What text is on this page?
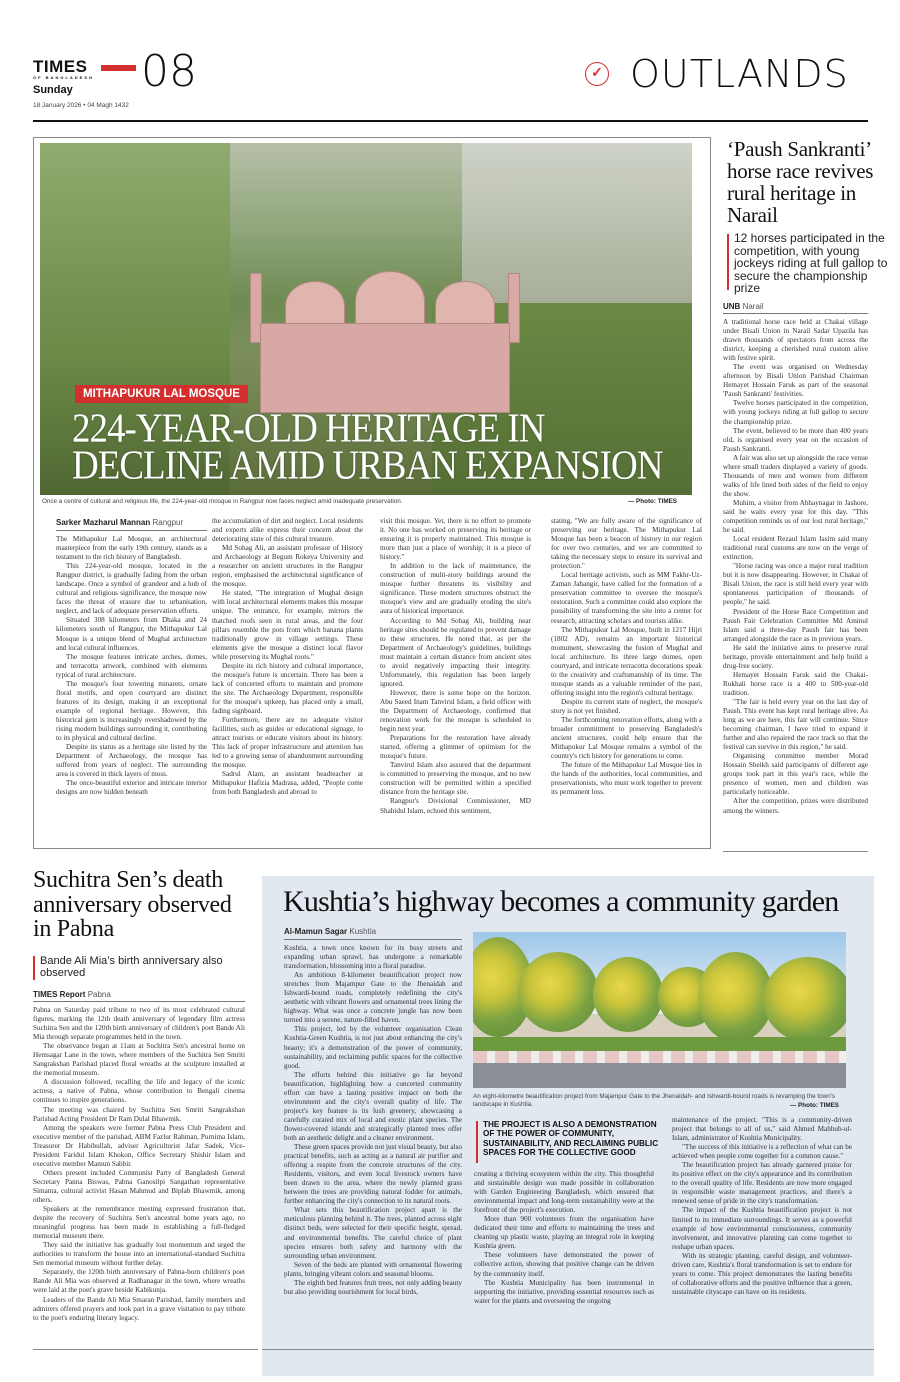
TIMES
OF BANGLADESH 08
Sunday
18 January 2026 • 04 Magh 1432
✓ OUTLANDS
MITHAPUKUR LAL MOSQUE
224-YEAR-OLD HERITAGE IN
DECLINE AMID URBAN EXPANSION
Once a centre of cultural and religious life, the 224-year-old mosque in Rangpur now faces neglect amid inadequate preservation.	— Photo: TIMES
Sarker Mazharul Mannan Rangpur

The Mithapukur Lal Mosque, an architectural masterpiece from the early 19th century, stands as a testament to the rich history of Bangladesh.

This 224-year-old mosque, located in the Rangpur district, is gradually fading from the urban landscape. Once a symbol of grandeur and a hub of cultural and religious significance, the mosque now faces the threat of erasure due to urbanisation, neglect, and lack of adequate preservation efforts.

Situated 308 kilometers from Dhaka and 24 kilometers south of Rangpur, the Mithapukur Lal Mosque is a unique blend of Mughal architecture and local cultural influences.

The mosque features intricate arches, domes, and terracotta artwork, combined with elements typical of rural architecture.

The mosque's four towering minarets, ornate floral motifs, and open courtyard are distinct features of its design, making it an exceptional example of regional heritage. However, this historical gem is increasingly overshadowed by the rising modern buildings surrounding it, contributing to its physical and cultural decline.

Despite its status as a heritage site listed by the Department of Archaeology, the mosque has suffered from years of neglect. The surrounding area is covered in thick layers of moss.

The once-beautiful exterior and intricate interior designs are now hidden beneath

the accumulation of dirt and neglect. Local residents and experts alike express their concern about the deteriorating state of this cultural treasure.

Md Sohag Ali, an assistant professor of History and Archaeology at Begum Rokeya University and a researcher on ancient structures in the Rangpur region, emphasised the architectural significance of the mosque.

He stated, "The integration of Mughal design with local architectural elements makes this mosque unique. The entrance, for example, mirrors the thatched roofs seen in rural areas, and the four pillars resemble the pots from which banana plants traditionally grow in village settings. These elements give the mosque a distinct local flavor while preserving its Mughal roots."

Despite its rich history and cultural importance, the mosque's future is uncertain. There has been a lack of concerted efforts to maintain and promote the site. The Archaeology Department, responsible for the mosque's upkeep, has placed only a small, fading signboard.

Furthermore, there are no adequate visitor facilities, such as guides or educational signage, to attract tourists or educate visitors about its history. This lack of proper infrastructure and attention has led to a growing sense of abandonment surrounding the mosque.

Sadrul Alam, an assistant headteacher at Mithapukur Hafizia Madrasa, added, "People come from both Bangladesh and abroad to

visit this mosque. Yet, there is no effort to promote it. No one has worked on preserving its heritage or ensuring it is properly maintained. This mosque is more than just a place of worship; it is a piece of history."

In addition to the lack of maintenance, the construction of multi-story buildings around the mosque further threatens its visibility and significance. These modern structures obstruct the mosque's view and are gradually eroding the site's aura of historical importance.

According to Md Sohag Ali, building near heritage sites should be regulated to prevent damage to these structures. He noted that, as per the Department of Archaeology's guidelines, buildings must maintain a certain distance from ancient sites to avoid negatively impacting their integrity. Unfortunately, this regulation has been largely ignored.

However, there is some hope on the horizon. Abu Saeed Inam Tanvirul Islam, a field officer with the Department of Archaeology, confirmed that renovation work for the mosque is scheduled to begin next year.

Preparations for the restoration have already started, offering a glimmer of optimism for the mosque's future.

Tanvirul Islam also assured that the department is committed to preserving the mosque, and no new construction will be permitted within a specified distance from the heritage site.

Rangpur's Divisional Commissioner, MD Shahidul Islam, echoed this sentiment,

stating, "We are fully aware of the significance of preserving our heritage. The Mithapukur Lal Mosque has been a beacon of history in our region for over two centuries, and we are committed to taking the necessary steps to ensure its survival and protection."

Local heritage activists, such as MM Fakhr-Uz-Zaman Jahangir, have called for the formation of a preservation committee to oversee the mosque's restoration. Such a committee could also explore the possibility of transforming the site into a center for research, attracting scholars and tourists alike.

The Mithapukur Lal Mosque, built in 1217 Hijri (1802 AD), remains an important historical monument, showcasing the fusion of Mughal and local architecture. Its three large domes, open courtyard, and intricate terracotta decorations speak to the creativity and craftsmanship of its time. The mosque stands as a valuable reminder of the past, offering insight into the region's cultural heritage.

Despite its current state of neglect, the mosque's story is not yet finished.

The forthcoming renovation efforts, along with a broader commitment to preserving Bangladesh's ancient structures, could help ensure that the Mithapukur Lal Mosque remains a symbol of the country's rich history for generations to come.

The future of the Mithapukur Lal Mosque lies in the hands of the authorities, local communities, and preservationists, who must work together to prevent its permanent loss.

‘Paush Sankranti’ horse race revives rural heritage in Narail
12 horses participated in the competition, with young jockeys riding at full gallop to secure the championship prize
UNB Narail

A traditional horse race held at Chakai village under Bisali Union in Narail Sadar Upazila has drawn thousands of spectators from across the district, keeping a cherished rural custom alive with festive spirit.

The event was organised on Wednesday afternoon by Bisali Union Parishad Chairman Hemayet Hossain Faruk as part of the seasonal 'Paush Sankranti' festivities.

Twelve horses participated in the competition, with young jockeys riding at full gallop to secure the championship prize.

The event, believed to be more than 400 years old, is organised every year on the occasion of Paush Sankranti.

A fair was also set up alongside the race venue where small traders displayed a variety of goods. Thousands of men and women from different walks of life lined both sides of the field to enjoy the show.

Muhim, a visitor from Abhaynagar in Jashore, said he waits every year for this day. "This competition reminds us of our lost rural heritage," he said.

Local resident Rezaul Islam Jasim said many traditional rural customs are now on the verge of extinction.

"Horse racing was once a major rural tradition but it is now disappearing. However, in Chakai of Bisali Union, the race is still held every year with spontaneous participation of thousands of people," he said.

President of the Horse Race Competition and Paush Fair Celebration Committee Md Aminul Islam said a three-day Paush fair has been arranged alongside the race as in previous years.

He said the initiative aims to preserve rural heritage, provide entertainment and help build a drug-free society.

Hemayet Hossain Faruk said the Chakai-Rukhali horse race is a 400 to 500-year-old tradition.

"The fair is held every year on the last day of Paush. This event has kept rural heritage alive. As long as we are here, this fair will continue. Since becoming chairman, I have tried to expand it further and also repaired the race track so that the festival can survive in this region," he said.

Organising committee member Morad Hossain Sheikh said participants of different age groups took part in this year's race, while the presence of women, men and children was particularly noticeable.

After the competition, prizes were distributed among the winners.

Suchitra Sen’s death anniversary observed in Pabna
Bande Ali Mia’s birth anniversary also observed
TIMES Report Pabna

Pabna on Saturday paid tribute to two of its most celebrated cultural figures, marking the 12th death anniversary of legendary film actress Suchitra Sen and the 120th birth anniversary of children's poet Bande Ali Mia through separate programmes held in the town.

The observance began at 11am at Suchitra Sen's ancestral home on Hemsagar Lane in the town, where members of the Suchitra Sen Smriti Sangrakshan Parishad placed floral wreaths at the sculpture installed at the memorial museum.

A discussion followed, recalling the life and legacy of the iconic actress, a native of Pabna, whose contribution to Bengali cinema continues to inspire generations.

The meeting was chaired by Suchitra Sen Smriti Sangrakshan Parishad Acting President Dr Ram Dulal Bhawmik.

Among the speakers were former Pabna Press Club President and executive member of the parishad, ABM Fazlur Rahman, Purnima Islam, Treasurer Dr Habibullah, adviser Agriculturist Jafar Sadek, Vice-President Faridul Islam Khokon, Office Secretary Shishir Islam and executive member Mamun Sabbir.

Others present included Communist Party of Bangladesh General Secretary Panna Biswas, Pabna Ganosilpi Sangathan representative Simanta, cultural activist Hasan Mahmud and Biplab Bhawmik, among others.

Speakers at the remembrance meeting expressed frustration that, despite the recovery of Suchitra Sen's ancestral home years ago, no meaningful progress has been made in establishing a full-fledged memorial museum there.

They said the initiative has gradually lost momentum and urged the authorities to transform the house into an international-standard Suchitra Sen memorial museum without further delay.

Separately, the 120th birth anniversary of Pabna-born children's poet Bande Ali Mia was observed at Radhanagar in the town, where wreaths were laid at the poet's grave beside Kabikunja.

Leaders of the Bande Ali Mia Smaran Parishad, family members and admirers offered prayers and took part in a grave visitation to pay tribute to the poet's enduring literary legacy.

Kushtia’s highway becomes a community garden
Al-Mamun Sagar Kushtia

Kushtia, a town once known for its busy streets and expanding urban sprawl, has undergone a remarkable transformation, blossoming into a floral paradise.

An ambitious 8-kilometer beautification project now stretches from Majampur Gate to the Jhenaidah and Ishwardi-bound roads, completely redefining the city's aesthetic with vibrant flowers and ornamental trees lining the highway. What was once a concrete jungle has now been turned into a serene, nature-filled haven.

This project, led by the volunteer organisation Clean Kushtia-Green Kushtia, is not just about enhancing the city's beauty; it's a demonstration of the power of community, sustainability, and reclaiming public spaces for the collective good.

The efforts behind this initiative go far beyond beautification, highlighting how a concerted community effort can have a lasting positive impact on both the environment and the city's overall quality of life. The project's key feature is its lush greenery, showcasing a carefully curated mix of local and exotic plant species. The flower-covered islands and strategically planted trees offer both an aesthetic delight and a cleaner environment.

These green spaces provide not just visual beauty, but also practical benefits, such as acting as a natural air purifier and offering a respite from the concrete structures of the city. Residents, visitors, and even local livestock owners have been drawn to the area, where the newly planted grass between the trees are providing natural fodder for animals, further enhancing the city's connection to its natural roots.

What sets this beautification project apart is the meticulous planning behind it. The trees, planted across eight distinct beds, were selected for their specific height, spread, and environmental benefits. The careful choice of plant species ensures both safety and harmony with the surrounding urban environment.

Seven of the beds are planted with ornamental flowering plants, bringing vibrant colors and seasonal blooms.

The eighth bed features fruit trees, not only adding beauty but also providing nourishment for local birds,

An eight-kilometre beautification project from Majampur Gate to the Jhenaidah- and Ishwardi-bound roads is revamping the town's landscape in Kushtia.	— Photo: TIMES
THE PROJECT IS ALSO A DEMONSTRATION OF THE POWER OF COMMUNITY, SUSTAINABILITY, AND RECLAIMING PUBLIC SPACES FOR THE COLLECTIVE GOOD

creating a thriving ecosystem within the city. This thoughtful and sustainable design was made possible in collaboration with Garden Engineering Bangladesh, which ensured that environmental impact and long-term sustainability were at the forefront of the project's execution.

More than 900 volunteers from the organisation have dedicated their time and efforts to maintaining the trees and cleaning up plastic waste, playing an integral role in keeping Kushtia green.

These volunteers have demonstrated the power of collective action, showing that positive change can be driven by the community itself.

The Kushtia Municipality has been instrumental in supporting the initiative, providing essential resources such as water for the plants and overseeing the ongoing

maintenance of the project. "This is a community-driven project that belongs to all of us," said Ahmed Mahbub-ul-Islam, administrator of Kushtia Municipality.

"The success of this initiative is a reflection of what can be achieved when people come together for a common cause."

The beautification project has already garnered praise for its positive effect on the city's appearance and its contribution to the overall quality of life. Residents are now more engaged in responsible waste management practices, and there's a renewed sense of pride in the city's transformation.

The impact of the Kushtia beautification project is not limited to its immediate surroundings. It serves as a powerful example of how environmental consciousness, community involvement, and innovative planning can come together to reshape urban spaces.

With its strategic planting, careful design, and volunteer-driven care, Kushtia's floral transformation is set to endure for years to come. This project demonstrates the lasting benefits of collaborative efforts and the positive influence that a green, sustainable cityscape can have on its residents.
